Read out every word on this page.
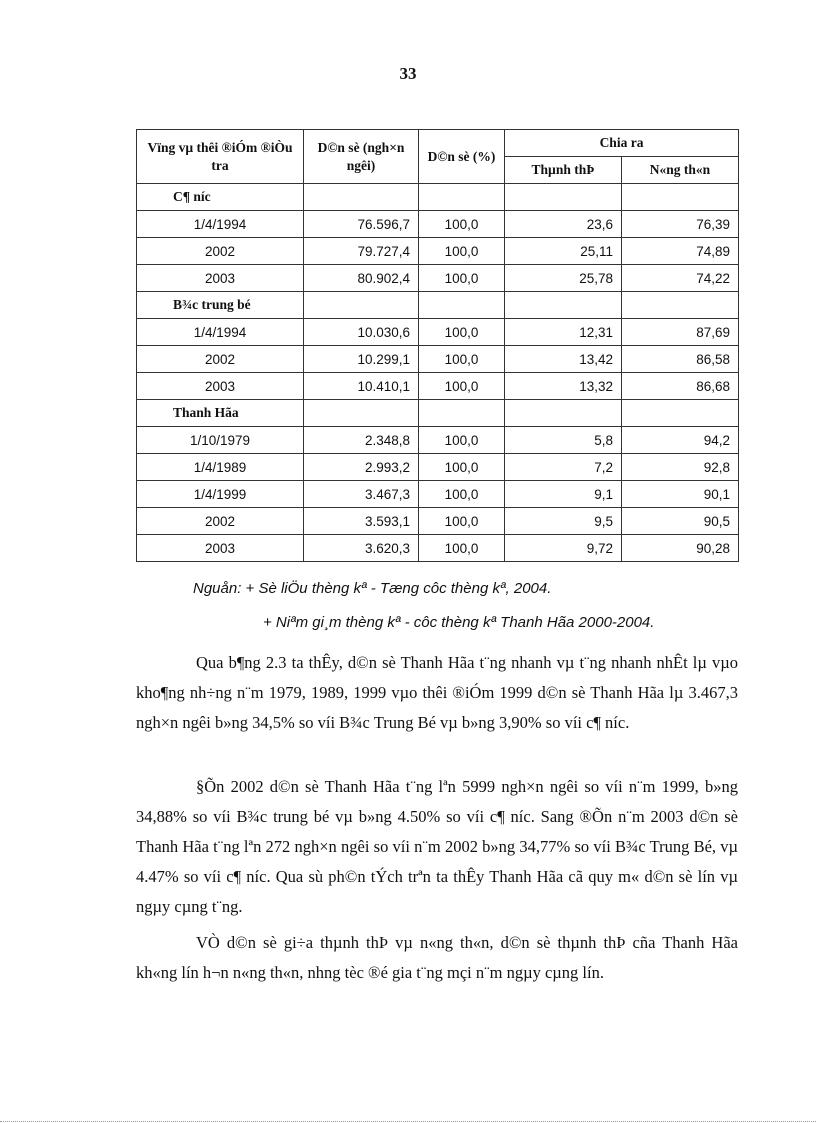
33
Vïng vµ thêi ®iÓm ®iÒu tra	D©n sè (ngh×n ngêi)	D©n sè (%)	Chia ra	
			Thµnh thÞ	N«ng th«n
C¶ níc				
1/4/1994	76.596,7	100,0	23,6	76,39
2002	79.727,4	100,0	25,11	74,89
2003	80.902,4	100,0	25,78	74,22
B¾c trung bé				
1/4/1994	10.030,6	100,0	12,31	87,69
2002	10.299,1	100,0	13,42	86,58
2003	10.410,1	100,0	13,32	86,68
Thanh Hãa				
1/10/1979	2.348,8	100,0	5,8	94,2
1/4/1989	2.993,2	100,0	7,2	92,8
1/4/1999	3.467,3	100,0	9,1	90,1
2002	3.593,1	100,0	9,5	90,5
2003	3.620,3	100,0	9,72	90,28
Nguån: + Sè liÖu thèng kª - Tæng côc thèng kª, 2004.
+ Niªm gi¸m thèng kª - côc thèng kª Thanh Hãa 2000-2004.

Qua b¶ng 2.3 ta thÊy, d©n sè Thanh Hãa t¨ng nhanh vµ t¨ng nhanh nhÊt lµ vµo kho¶ng nh÷ng n¨m 1979, 1989, 1999 vµo thêi ®iÓm 1999 d©n sè Thanh Hãa lµ 3.467,3 ngh×n ngêi b»ng 34,5% so víi B¾c Trung Bé vµ b»ng 3,90% so víi c¶ níc.

§Õn 2002 d©n sè Thanh Hãa t¨ng lªn 5999 ngh×n ngêi so víi n¨m 1999, b»ng 34,88% so víi B¾c trung bé vµ b»ng 4.50% so víi c¶ níc. Sang ®Õn n¨m 2003 d©n sè Thanh Hãa t¨ng lªn 272 ngh×n ngêi so víi n¨m 2002 b»ng 34,77% so víi B¾c Trung Bé, vµ 4.47% so víi c¶ níc. Qua sù ph©n tÝch trªn ta thÊy Thanh Hãa cã quy m« d©n sè lín vµ ngµy cµng t¨ng.

VÒ d©n sè gi÷a thµnh thÞ vµ n«ng th«n, d©n sè thµnh thÞ cña Thanh Hãa kh«ng lín h¬n n«ng th«n, nhng tèc ®é gia t¨ng mçi n¨m ngµy cµng lín.
